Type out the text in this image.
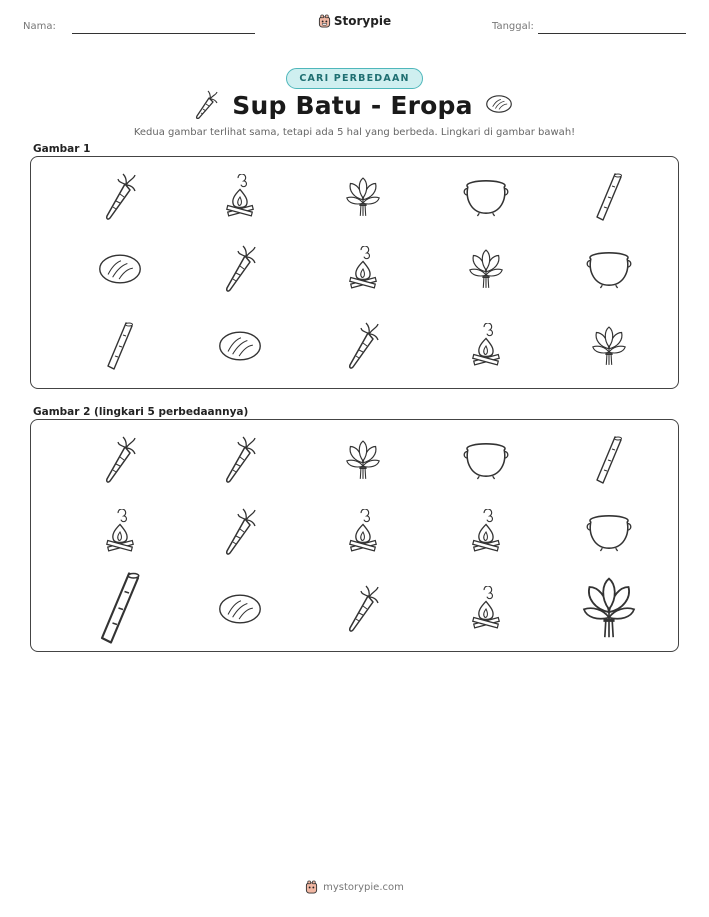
Nama:	Storypie	Tanggal:
CARI PERBEDAAN
Sup Batu - Eropa
Kedua gambar terlihat sama, tetapi ada 5 hal yang berbeda. Lingkari di gambar bawah!
Gambar 1
Gambar 2 (lingkari 5 perbedaannya)
mystorypie.com
